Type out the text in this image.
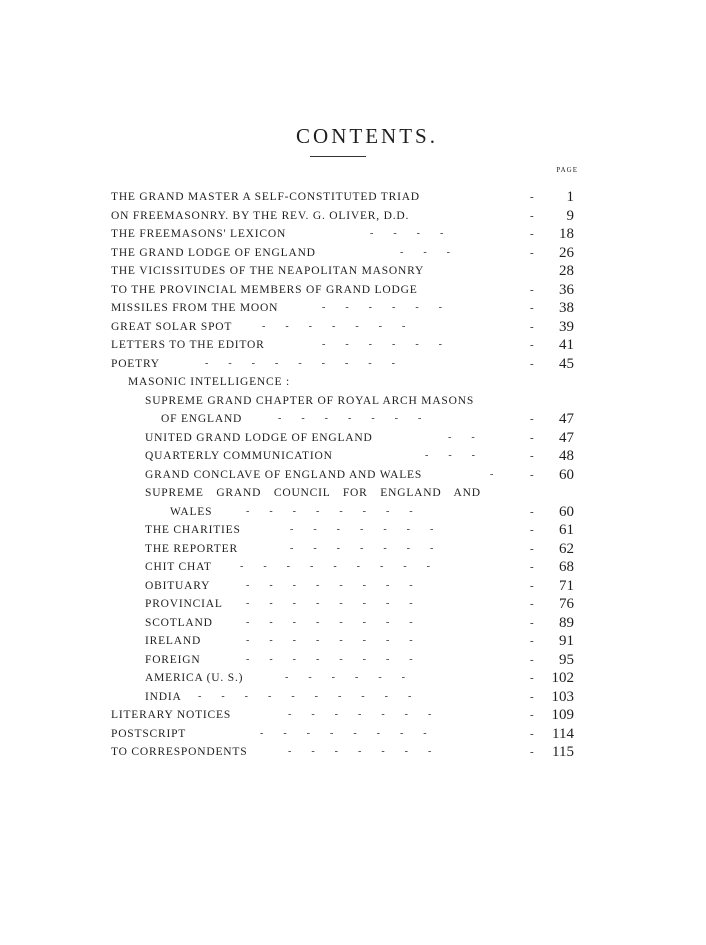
CONTENTS.
PAGE
THE GRAND MASTER A SELF-CONSTITUTED TRIAD	- 1
ON FREEMASONRY. BY THE REV. G. OLIVER, D.D.	- 9
THE FREEMASONS' LEXICON	-        -        -        -	- 18
THE GRAND LODGE OF ENGLAND	-        -        -	- 26
THE VICISSITUDES OF THE NEAPOLITAN MASONRY	28
TO THE PROVINCIAL MEMBERS OF GRAND LODGE	- 36
MISSILES FROM THE MOON	-        -        -        -        -        -	- 38
GREAT SOLAR SPOT	-        -        -        -        -        -        -	- 39
LETTERS TO THE EDITOR	-        -        -        -        -        -	- 41
POETRY	-        -        -        -        -        -        -        -        -	- 45
MASONIC INTELLIGENCE :
SUPREME GRAND CHAPTER OF ROYAL ARCH MASONS
OF ENGLAND	-        -        -        -        -        -        -	- 47
UNITED GRAND LODGE OF ENGLAND	-        -	- 47
QUARTERLY COMMUNICATION	-        -        -	- 48
GRAND CONCLAVE OF ENGLAND AND WALES	-	- 60
SUPREME GRAND COUNCIL FOR ENGLAND AND
WALES	-        -        -        -        -        -        -        -	- 60
THE CHARITIES	-        -        -        -        -        -        -	- 61
THE REPORTER	-        -        -        -        -        -        -	- 62
CHIT CHAT	-        -        -        -        -        -        -        -        -	- 68
OBITUARY	-        -        -        -        -        -        -        -	- 71
PROVINCIAL -        -        -        -        -        -        -        -	- 76
SCOTLAND	-        -        -        -        -        -        -        -	- 89
IRELAND	-        -        -        -        -        -        -        -	- 91
FOREIGN	-        -        -        -        -        -        -        -	- 95
AMERICA (U. S.)	-        -        -        -        -        -	- 102
INDIA -        -        -        -        -        -        -        -        -        -	- 103
LITERARY NOTICES	-        -        -        -        -        -        -	- 109
POSTSCRIPT	-        -        -        -        -        -        -        -	- 114
TO CORRESPONDENTS	-        -        -        -        -        -        -	- 115
